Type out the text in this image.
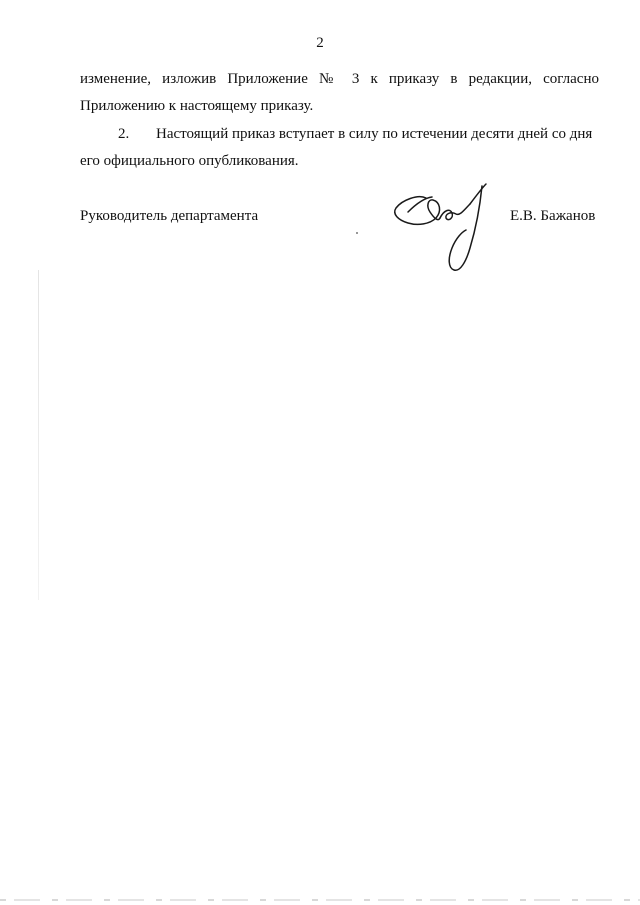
2
изменение, изложив Приложение № 3 к приказу в редакции, согласно
Приложению к настоящему приказу.
2. Настоящий приказ вступает в силу по истечении десяти дней со дня
его официального опубликования.
Руководитель департамента	Е.В. Бажанов
